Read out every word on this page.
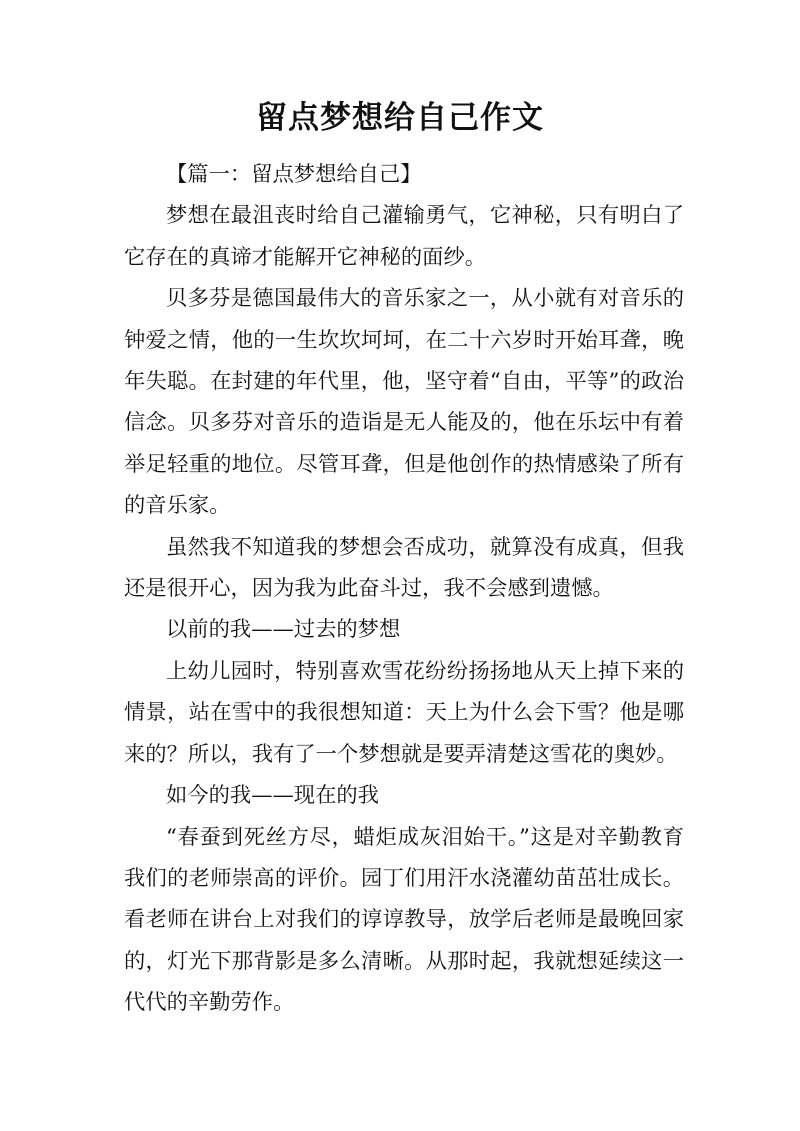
留点梦想给自己作文

【篇一：留点梦想给自己】

梦想在最沮丧时给自己灌输勇气，它神秘，只有明白了它存在的真谛才能解开它神秘的面纱。

贝多芬是德国最伟大的音乐家之一，从小就有对音乐的钟爱之情，他的一生坎坎坷坷，在二十六岁时开始耳聋，晚年失聪。在封建的年代里，他，坚守着“自由，平等”的政治信念。贝多芬对音乐的造诣是无人能及的，他在乐坛中有着举足轻重的地位。尽管耳聋，但是他创作的热情感染了所有的音乐家。

虽然我不知道我的梦想会否成功，就算没有成真，但我还是很开心，因为我为此奋斗过，我不会感到遗憾。

以前的我——过去的梦想

上幼儿园时，特别喜欢雪花纷纷扬扬地从天上掉下来的情景，站在雪中的我很想知道：天上为什么会下雪？他是哪来的？所以，我有了一个梦想就是要弄清楚这雪花的奥妙。

如今的我——现在的我

“春蚕到死丝方尽，蜡炬成灰泪始干。”这是对辛勤教育我们的老师崇高的评价。园丁们用汗水浇灌幼苗茁壮成长。看老师在讲台上对我们的谆谆教导，放学后老师是最晚回家的，灯光下那背影是多么清晰。从那时起，我就想延续这一代代的辛勤劳作。
